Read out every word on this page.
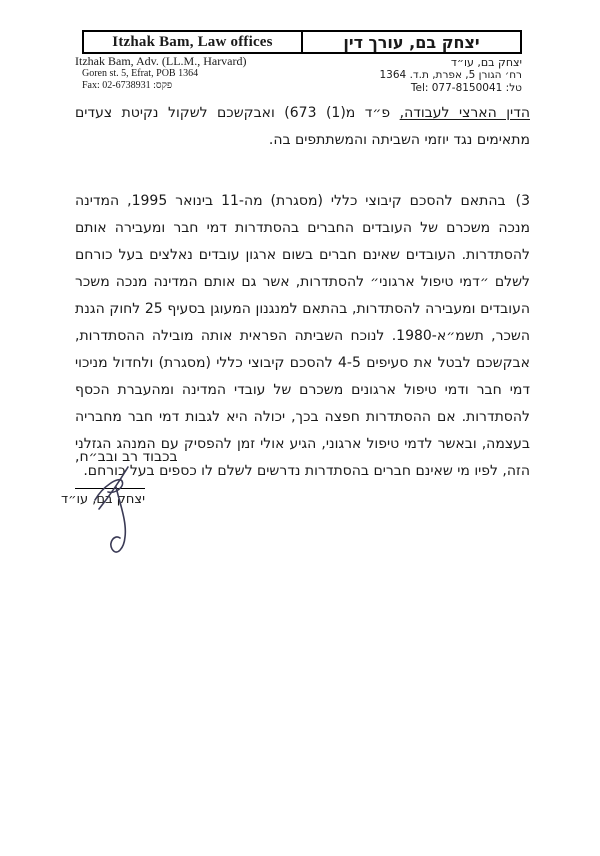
Itzhak Bam, Law offices	יצחק בם, עורך דין
Itzhak Bam, Adv. (LL.M., Harvard)
Goren st. 5, Efrat, POB 1364
Fax: 02-6738931 :פקס
יצחק בם, עו״ד
רח׳ הגורן 5, אפרת, ת.ד. 1364
Tel: 077-8150041 :טל

הדין הארצי לעבודה, פ״ד מ(1) 673) ואבקשכם לשקול נקיטת צעדים מתאימים נגד יוזמי השביתה והמשתתפים בה.

(3בהתאם להסכם קיבוצי כללי (מסגרת) מה-11 בינואר 1995, המדינה מנכה משכרם של העובדים החברים בהסתדרות דמי חבר ומעבירה אותם להסתדרות. העובדים שאינם חברים בשום ארגון עובדים נאלצים בעל כורחם לשלם ״דמי טיפול ארגוני״ להסתדרות, אשר גם אותם המדינה מנכה משכר העובדים ומעבירה להסתדרות, בהתאם למנגנון המעוגן בסעיף 25 לחוק הגנת השכר, תשמ״א-1980. לנוכח השביתה הפראית אותה מובילה ההסתדרות, אבקשכם לבטל את סעיפים 4-5 להסכם קיבוצי כללי (מסגרת) ולחדול מניכוי דמי חבר ודמי טיפול ארגונים משכרם של עובדי המדינה ומהעברת הכסף להסתדרות. אם ההסתדרות חפצה בכך, יכולה היא לגבות דמי חבר מחבריה בעצמה, ובאשר לדמי טיפול ארגוני, הגיע אולי זמן להפסיק עם המנהג הגזלני הזה, לפיו מי שאינם חברים בהסתדרות נדרשים לשלם לו כספים בעל כורחם.

בכבוד רב ובב״ח,

יצחק בם, עו״ד
